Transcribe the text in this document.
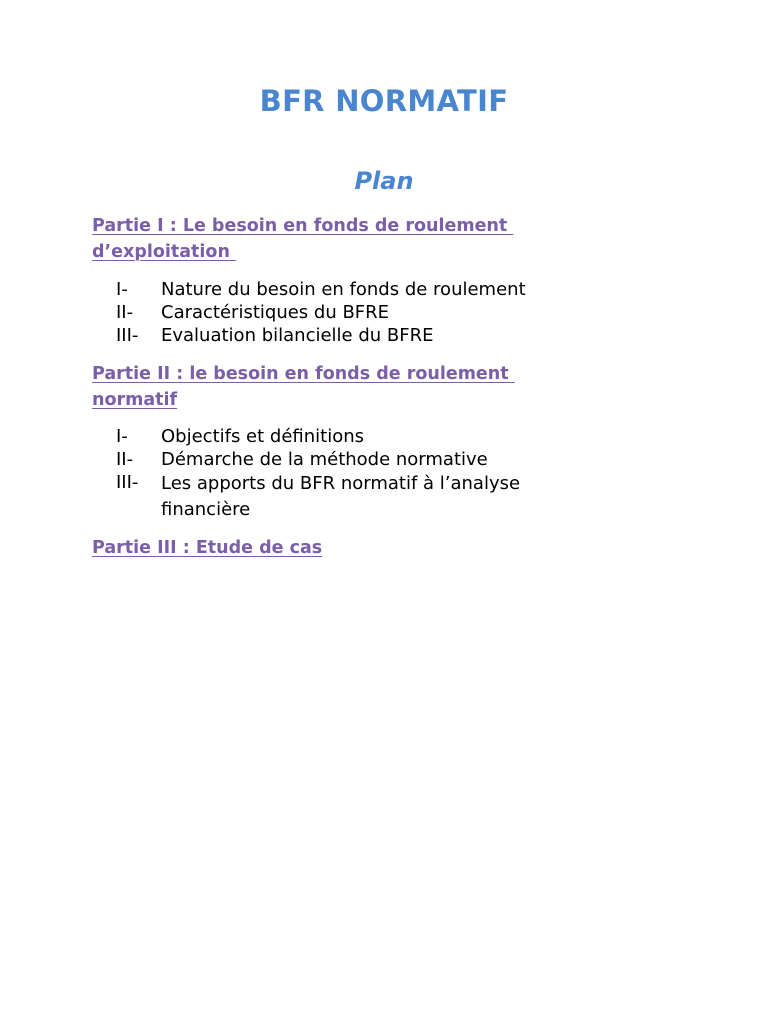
BFR NORMATIF
Plan
Partie I : Le besoin en fonds de roulement
d’exploitation
I- Nature du besoin en fonds de roulement
II- Caractéristiques du BFRE
III- Evaluation bilancielle du BFRE
Partie II : le besoin en fonds de roulement
normatif
I- Objectifs et définitions
II- Démarche de la méthode normative
III- Les apports du BFR normatif à l’analyse financière
Partie III : Etude de cas
